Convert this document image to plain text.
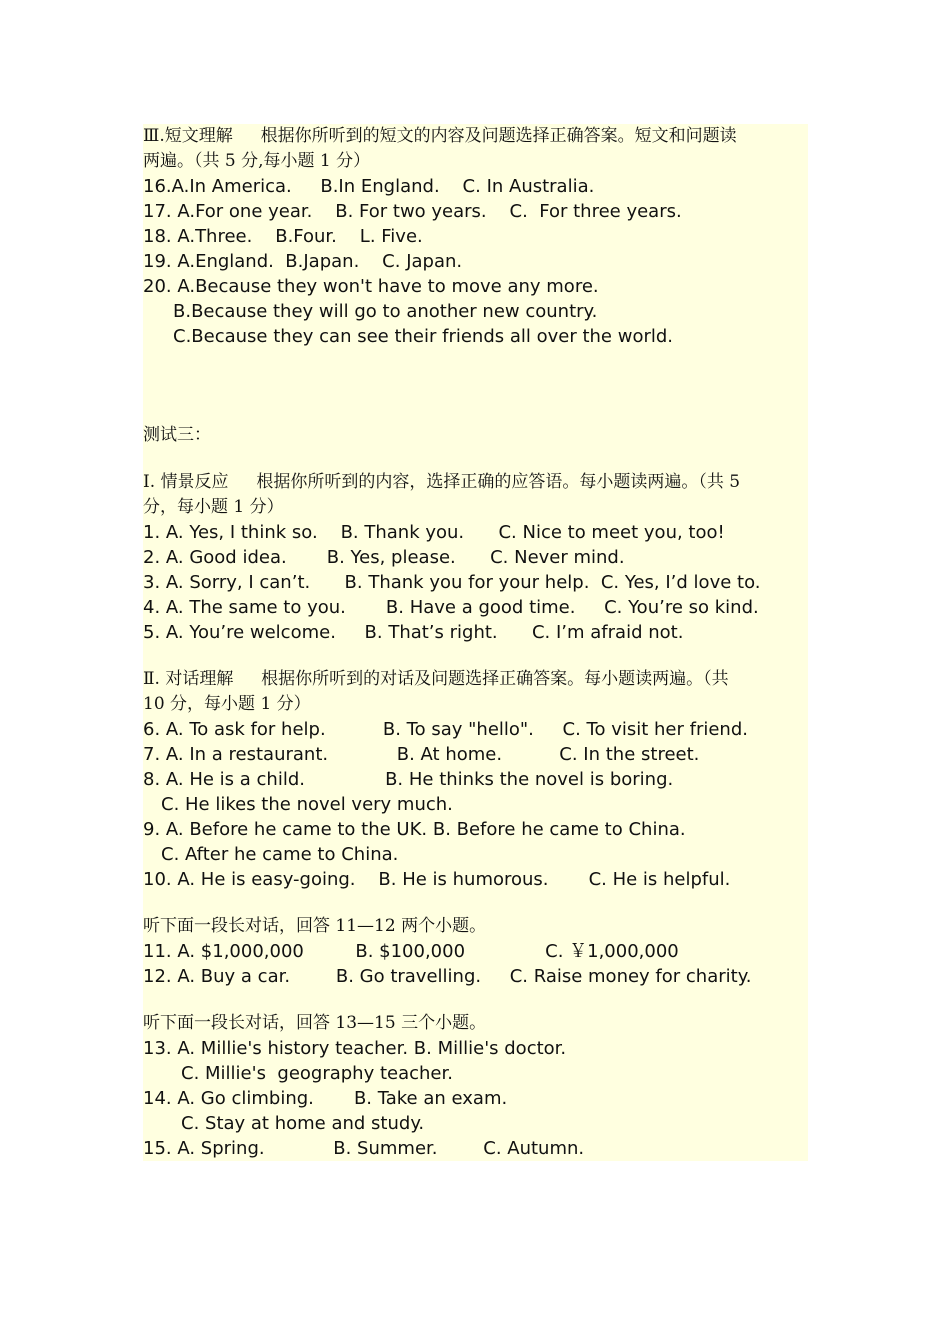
Ⅲ.短文理解　  根据你所听到的短文的内容及问题选择正确答案。短文和问题读
两遍。（共 5 分,每小题 1 分）
16.A.In America.     B.In England.    C. In Australia.
17. A.For one year.    B. For two years.    C.  For three years.
18. A.Three.    B.Four.    L. Five.
19. A.England.  B.Japan.    C. Japan.
20. A.Because they won't have to move any more.
B.Because they will go to another new country.
C.Because they can see their friends all over the world.
测试三：
Ⅰ. 情景反应　  根据你所听到的内容，选择正确的应答语。每小题读两遍。（共 5
分，每小题 1 分）
1. A. Yes, I think so.    B. Thank you.      C. Nice to meet you, too!
2. A. Good idea.       B. Yes, please.      C. Never mind.
3. A. Sorry, I can’t.      B. Thank you for your help.  C. Yes, I’d love to.
4. A. The same to you.       B. Have a good time.     C. You’re so kind.
5. A. You’re welcome.     B. That’s right.      C. I’m afraid not.
Ⅱ. 对话理解　  根据你所听到的对话及问题选择正确答案。每小题读两遍。（共
10 分，每小题 1 分）
6. A. To ask for help.          B. To say "hello".     C. To visit her friend.
7. A. In a restaurant.            B. At home.          C. In the street.
8. A. He is a child.              B. He thinks the novel is boring.
C. He likes the novel very much.
9. A. Before he came to the UK. B. Before he came to China.
C. After he came to China.
10. A. He is easy-going.    B. He is humorous.       C. He is helpful.
听下面一段长对话，回答 11—12 两个小题。
11. A. $1,000,000         B. $100,000              C. ￥1,000,000
12. A. Buy a car.        B. Go travelling.     C. Raise money for charity.
听下面一段长对话，回答 13—15 三个小题。
13. A. Millie's history teacher. B. Millie's doctor.
C. Millie's  geography teacher.
14. A. Go climbing.       B. Take an exam.
C. Stay at home and study.
15. A. Spring.            B. Summer.        C. Autumn.
